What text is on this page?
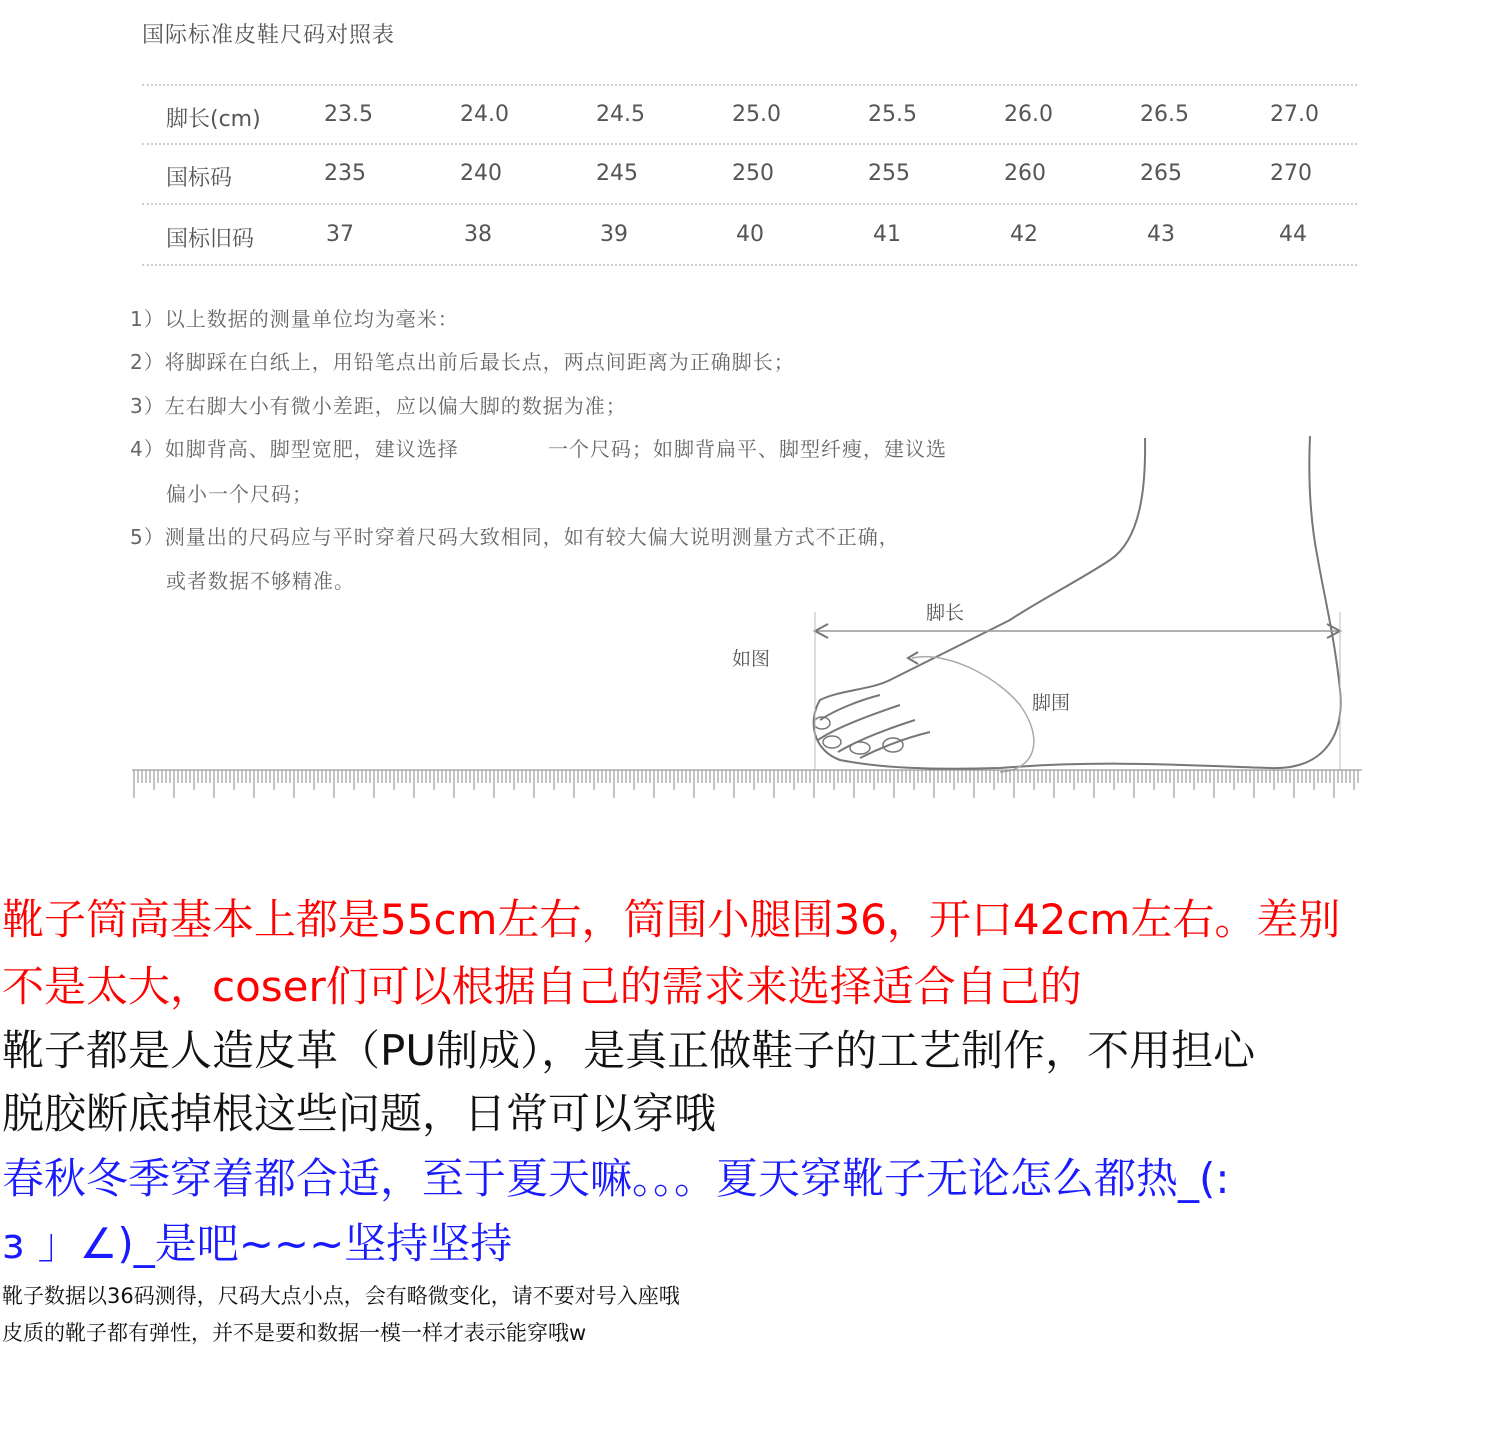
国际标准皮鞋尺码对照表
脚长(cm)	23.5	24.0	24.5	25.0	25.5	26.0	26.5	27.0
国标码	235	240	245	250	255	260	265	270
国标旧码	37	38	39	40	41	42	43	44
1）以上数据的测量单位均为毫米：
2）将脚踩在白纸上，用铅笔点出前后最长点，两点间距离为正确脚长；
3）左右脚大小有微小差距，应以偏大脚的数据为准；
4）如脚背高、脚型宽肥，建议选择	一个尺码；如脚背扁平、脚型纤瘦，建议选
偏小一个尺码；
5）测量出的尺码应与平时穿着尺码大致相同，如有较大偏大说明测量方式不正确，
或者数据不够精准。
脚长
如图
脚围
靴子筒高基本上都是55cm左右，筒围小腿围36，开口42cm左右。差别
不是太大，coser们可以根据自己的需求来选择适合自己的
靴子都是人造皮革（PU制成），是真正做鞋子的工艺制作，不用担心
脱胶断底掉根这些问题，日常可以穿哦
春秋冬季穿着都合适，至于夏天嘛。。。夏天穿靴子无论怎么都热_(:
ɜ 」∠)_是吧~~~坚持坚持
靴子数据以36码测得，尺码大点小点，会有略微变化，请不要对号入座哦
皮质的靴子都有弹性，并不是要和数据一模一样才表示能穿哦w
